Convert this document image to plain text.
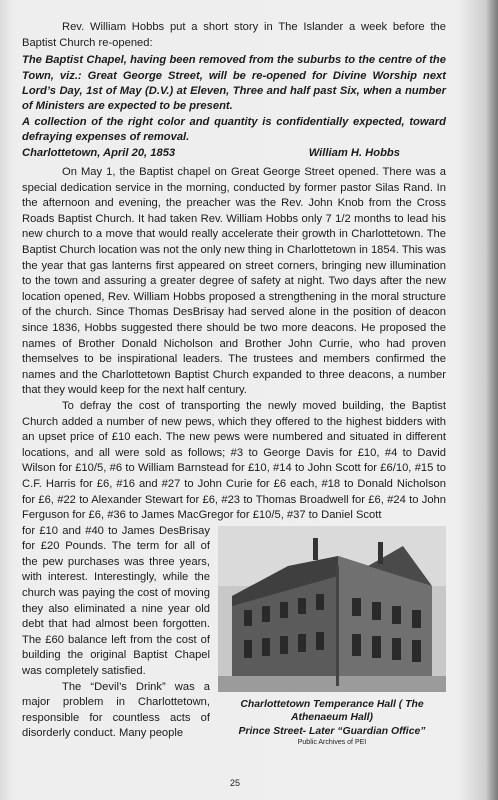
Rev. William Hobbs put a short story in The Islander a week before the Baptist Church re-opened:

The Baptist Chapel, having been removed from the suburbs to the centre of the Town, viz.: Great George Street, will be re-opened for Divine Worship next Lord’s Day, 1st of May (D.V.) at Eleven, Three and half past Six, when a number of Ministers are expected to be present.

A collection of the right color and quantity is confidentially expected, toward defraying expenses of removal.

Charlottetown, April 20, 1853	William H. Hobbs

On May 1, the Baptist chapel on Great George Street opened. There was a special dedication service in the morning, conducted by former pastor Silas Rand. In the afternoon and evening, the preacher was the Rev. John Knob from the Cross Roads Baptist Church. It had taken Rev. William Hobbs only 7 1/2 months to lead his new church to a move that would really accelerate their growth in Charlottetown. The Baptist Church location was not the only new thing in Charlottetown in 1854. This was the year that gas lanterns first appeared on street corners, bringing new illumination to the town and assuring a greater degree of safety at night. Two days after the new location opened, Rev. William Hobbs proposed a strengthening in the moral structure of the church. Since Thomas DesBrisay had served alone in the position of deacon since 1836, Hobbs suggested there should be two more deacons. He proposed the names of Brother Donald Nicholson and Brother John Currie, who had proven themselves to be inspirational leaders. The trustees and members confirmed the names and the Charlottetown Baptist Church expanded to three deacons, a number that they would keep for the next half century.

To defray the cost of transporting the newly moved building, the Baptist Church added a number of new pews, which they offered to the highest bidders with an upset price of £10 each. The new pews were numbered and situated in different locations, and all were sold as follows; #3 to George Davis for £10, #4 to David Wilson for £10/5, #6 to William Barnstead for £10, #14 to John Scott for £6/10, #15 to C.F. Harris for £6, #16 and #27 to John Curie for £6 each, #18 to Donald Nicholson for £6, #22 to Alexander Stewart for £6, #23 to Thomas Broadwell for £6, #24 to John Ferguson for £6, #36 to James MacGregor for £10/5, #37 to Daniel Scott

Charlottetown Temperance Hall ( The Athenaeum Hall)
Prince Street- Later “Guardian Office”
Public Archives of PEI

for £10 and #40 to James DesBrisay for £20 Pounds. The term for all of the pew purchases was three years, with interest. Interestingly, while the church was paying the cost of moving they also eliminated a nine year old debt that had almost been forgotten. The £60 balance left from the cost of building the original Baptist Chapel was completely satisfied.

The “Devil’s Drink” was a major problem in Charlottetown, responsible for countless acts of disorderly conduct. Many people

25
